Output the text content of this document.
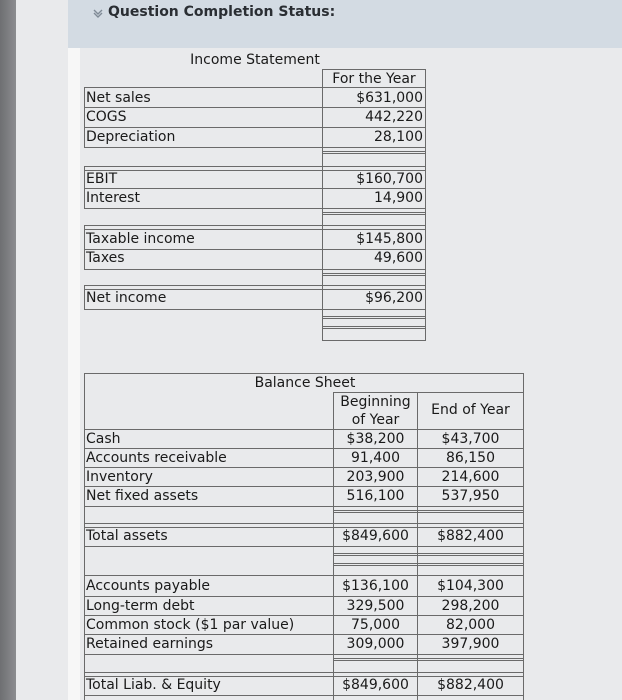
Question Completion Status:
Income Statement
For the Year
Net sales	$631,000
COGS	442,220
Depreciation	28,100
EBIT	$160,700
Interest	14,900
Taxable income	$145,800
Taxes	49,600
Net income	$96,200
Balance Sheet
Beginning
of Year
End of Year
Cash	$38,200	$43,700
Accounts receivable	91,400	86,150
Inventory	203,900	214,600
Net fixed assets	516,100	537,950
Total assets	$849,600	$882,400
Accounts payable	$136,100	$104,300
Long-term debt	329,500	298,200
Common stock ($1 par value)	75,000	82,000
Retained earnings	309,000	397,900
Total Liab. & Equity	$849,600	$882,400
